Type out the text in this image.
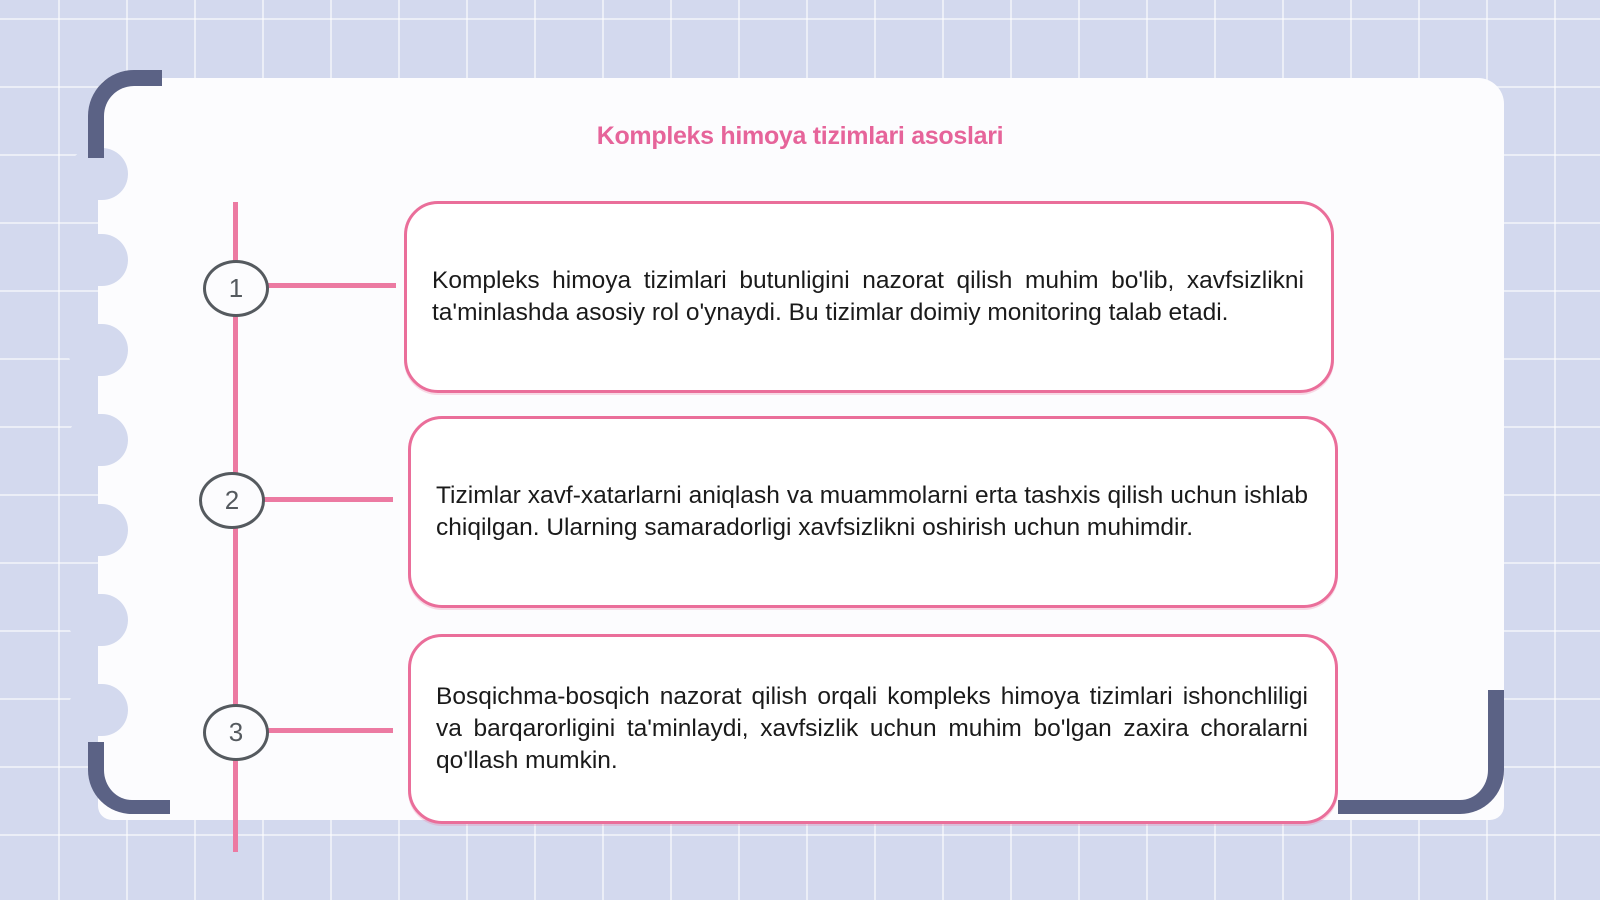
Kompleks himoya tizimlari asoslari
1
2
3

Kompleks himoya tizimlari butunligini nazorat qilish muhim bo'lib, xavfsizlikni ta'minlashda asosiy rol o'ynaydi. Bu tizimlar doimiy monitoring talab etadi.

Tizimlar xavf-xatarlarni aniqlash va muammolarni erta tashxis qilish uchun ishlab chiqilgan. Ularning samaradorligi xavfsizlikni oshirish uchun muhimdir.

Bosqichma-bosqich nazorat qilish orqali kompleks himoya tizimlari ishonchliligi va barqarorligini ta'minlaydi, xavfsizlik uchun muhim bo'lgan zaxira choralarni qo'llash mumkin.
